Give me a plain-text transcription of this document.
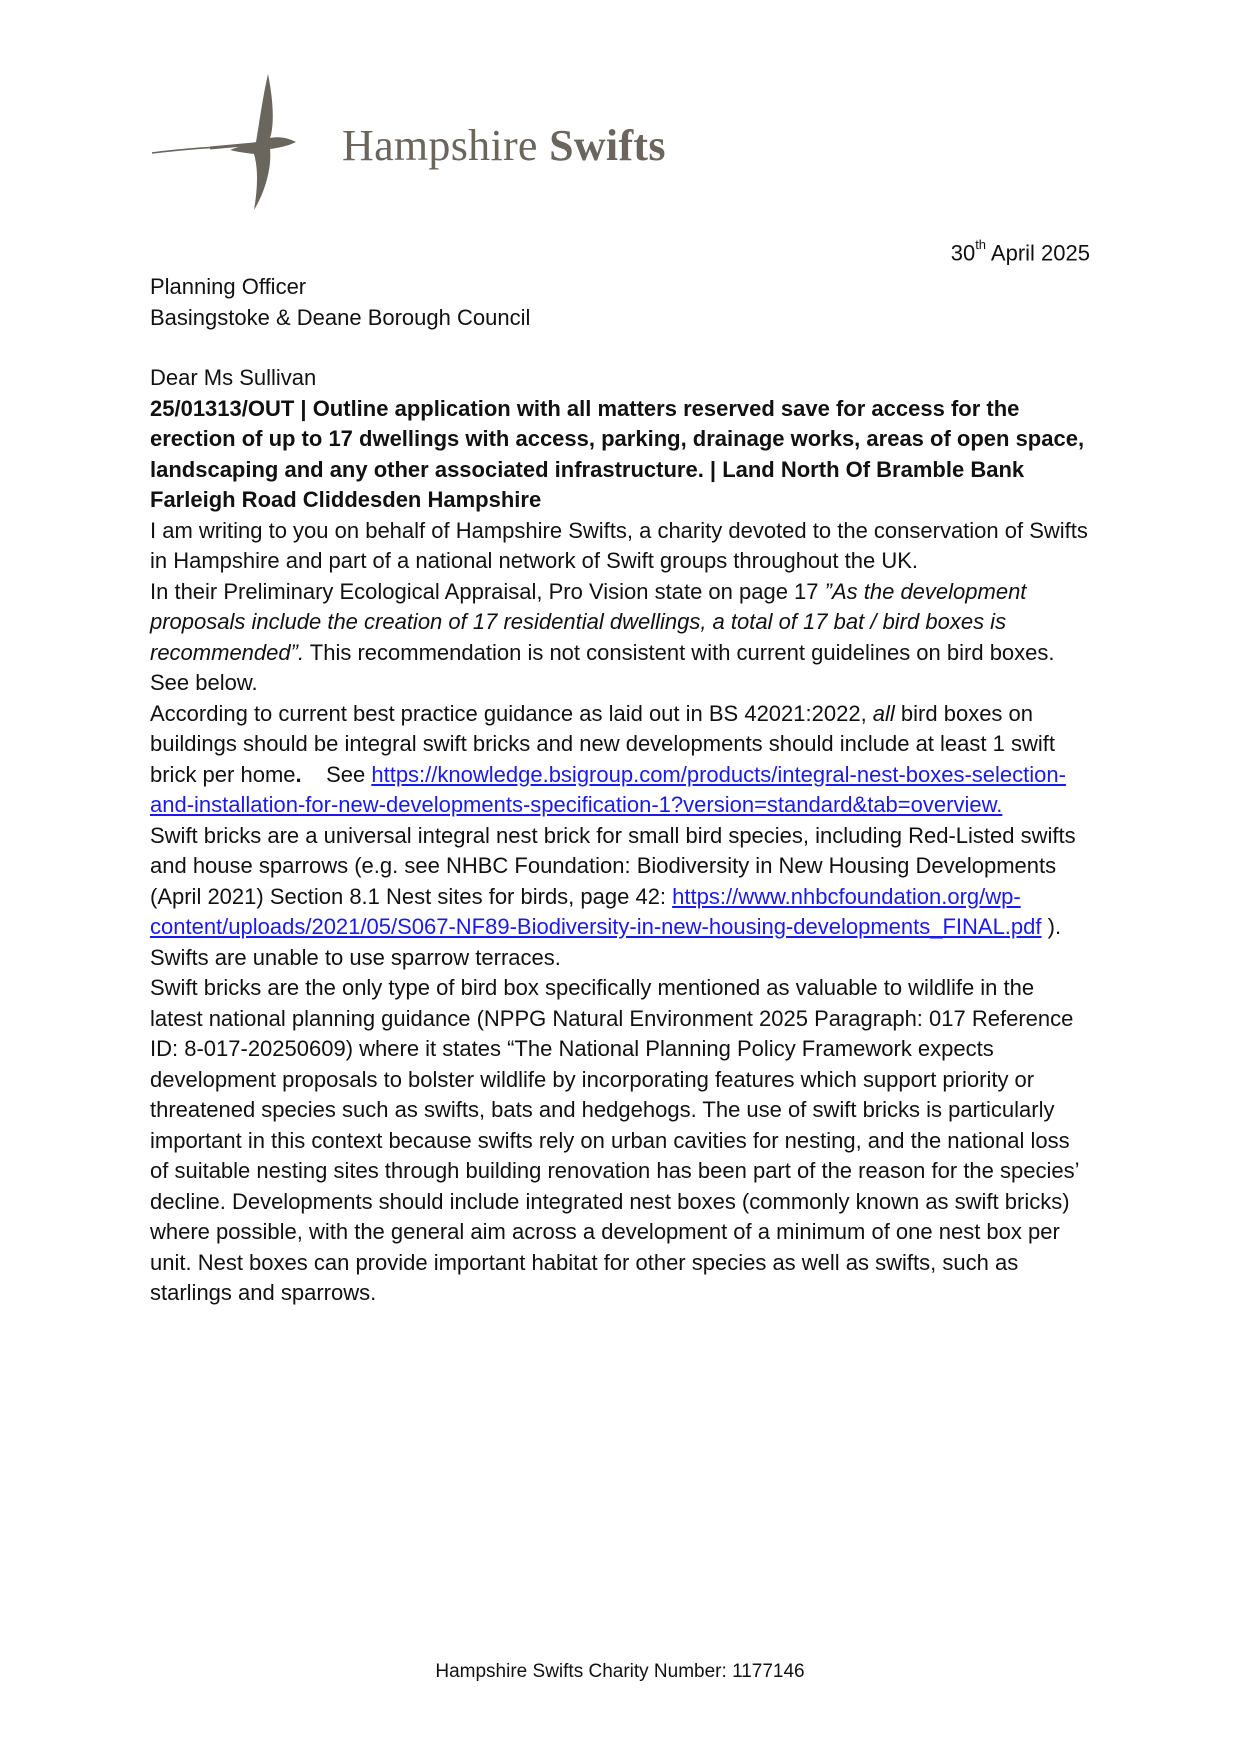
Hampshire Swifts
30th April 2025

Planning Officer

Basingstoke & Deane Borough Council

Dear Ms Sullivan

25/01313/OUT | Outline application with all matters reserved save for access for the erection of up to 17 dwellings with access, parking, drainage works, areas of open space, landscaping and any other associated infrastructure. | Land North Of Bramble Bank Farleigh Road Cliddesden Hampshire

I am writing to you on behalf of Hampshire Swifts, a charity devoted to the conservation of Swifts in Hampshire and part of a national network of Swift groups throughout the UK.

In their Preliminary Ecological Appraisal, Pro Vision state on page 17 ”As the development proposals include the creation of 17 residential dwellings, a total of 17 bat / bird boxes is recommended”. This recommendation is not consistent with current guidelines on bird boxes. See below.

According to current best practice guidance as laid out in BS 42021:2022, all bird boxes on buildings should be integral swift bricks and new developments should include at least 1 swift brick per home.    See https://knowledge.bsigroup.com/products/integral-nest-boxes-selection-and-installation-for-new-developments-specification-1?version=standard&tab=overview.

Swift bricks are a universal integral nest brick for small bird species, including Red-Listed swifts and house sparrows (e.g. see NHBC Foundation: Biodiversity in New Housing Developments (April 2021) Section 8.1 Nest sites for birds, page 42: https://www.nhbcfoundation.org/wp-content/uploads/2021/05/S067-NF89-Biodiversity-in-new-housing-developments_FINAL.pdf ). Swifts are unable to use sparrow terraces.

Swift bricks are the only type of bird box specifically mentioned as valuable to wildlife in the latest national planning guidance (NPPG Natural Environment 2025 Paragraph: 017 Reference ID: 8-017-20250609) where it states “The National Planning Policy Framework expects development proposals to bolster wildlife by incorporating features which support priority or threatened species such as swifts, bats and hedgehogs. The use of swift bricks is particularly important in this context because swifts rely on urban cavities for nesting, and the national loss of suitable nesting sites through building renovation has been part of the reason for the species’ decline. Developments should include integrated nest boxes (commonly known as swift bricks) where possible, with the general aim across a development of a minimum of one nest box per unit. Nest boxes can provide important habitat for other species as well as swifts, such as starlings and sparrows.

Hampshire Swifts Charity Number: 1177146
